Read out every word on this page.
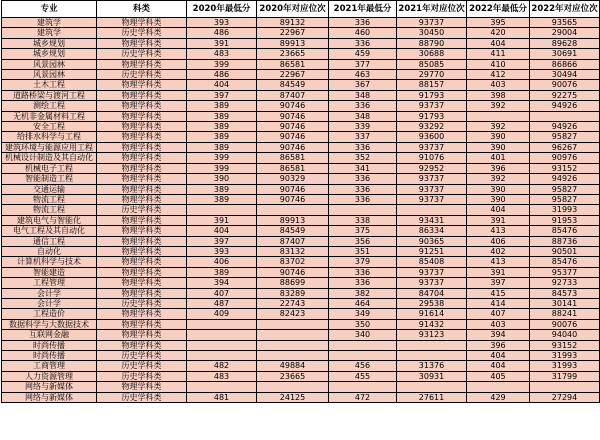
专业	科类	2020年最低分	2020年对应位次	2021年最低分	2021年对应位次	2022年最低分	2022年对应位次
建筑学	物理学科类	393	89132	336	93737	395	93565
建筑学	历史学科类	486	22967	460	30450	420	29004
城乡规划	物理学科类	391	89913	336	88790	404	89628
城乡规划	历史学科类	483	23665	459	30688	411	30691
风景园林	物理学科类	399	86581	377	85085	410	86866
风景园林	历史学科类	486	22967	463	29770	412	30494
土木工程	物理学科类	404	84549	367	88157	403	90076
道路桥梁与渡河工程	物理学科类	397	87407	348	91793	398	92275
测绘工程	物理学科类	389	90746	336	93737	392	94926
无机非金属材料工程	物理学科类	389	90746	348	91793		
安全工程	物理学科类	389	90746	339	93292	392	94926
给排水科学与工程	物理学科类	389	90746	337	93600	390	95827
建筑环境与能源应用工程	物理学科类	389	90746	336	93737	390	96267
机械设计制造及其自动化	物理学科类	399	86581	352	91076	401	90976
机械电子工程	物理学科类	399	86581	341	92952	396	93152
智能制造工程	物理学科类	390	90329	336	93737	392	94926
交通运输	物理学科类	389	90746	336	93737	390	95827
物流工程	物理学科类	389	90746	336	93737	390	95827
物流工程	历史学科类					404	31993
建筑电气与智能化	物理学科类	391	89913	338	93431	391	91953
电气工程及其自动化	物理学科类	404	84549	375	86334	413	85476
通信工程	物理学科类	397	87407	356	90365	406	88736
自动化	物理学科类	393	83132	351	91251	402	90501
计算机科学与技术	物理学科类	406	83702	379	85408	413	85476
智能建造	物理学科类	389	90746	336	93737	391	95377
工程管理	物理学科类	394	88699	336	93737	397	92733
会计学	物理学科类	407	83289	382	84704	415	84573
会计学	历史学科类	487	22743	464	29538	414	30141
工程造价	物理学科类	409	82423	349	91614	407	88241
数据科学与大数据技术	物理学科类			350	91432	403	90076
互联网金融	物理学科类			340	93123	394	94040
时尚传播	物理学科类					396	93152
时尚传播	历史学科类					404	31993
工商管理	历史学科类	482	49884	456	31376	404	31993
人力资源管理	历史学科类	483	23665	455	30931	405	31799
网络与新媒体	物理学科类						
网络与新媒体	历史学科类	481	24125	472	27611	429	27294
